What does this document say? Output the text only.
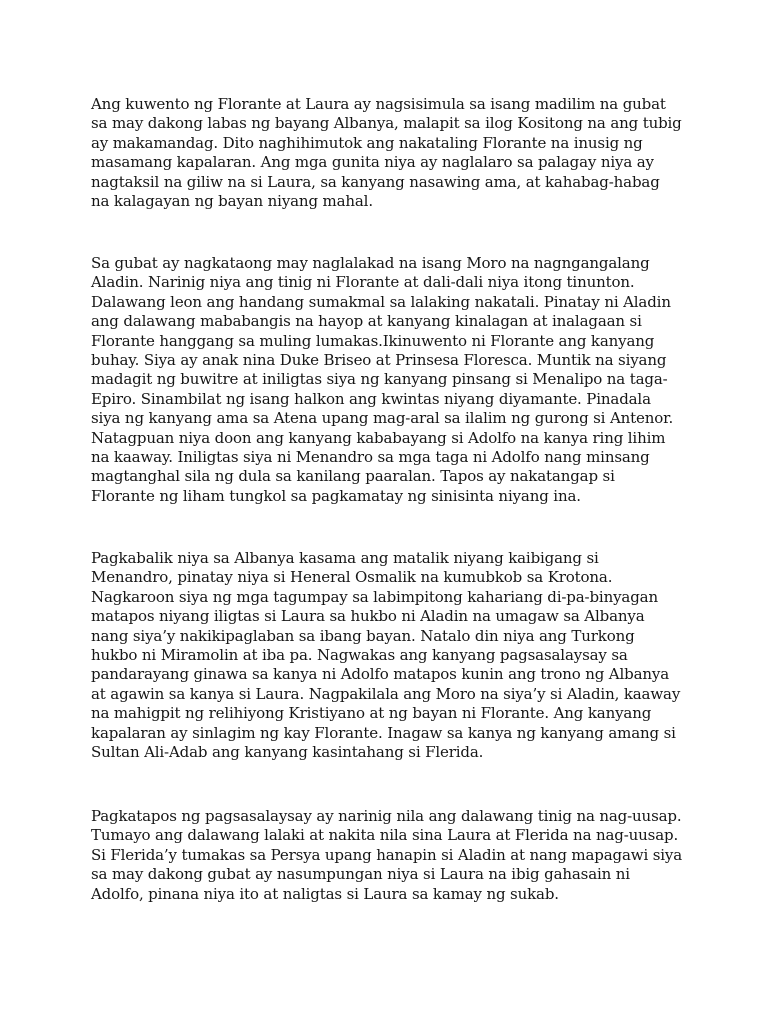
Ang kuwento ng Florante at Laura ay nagsisimula sa isang madilim na gubat
sa may dakong labas ng bayang Albanya, malapit sa ilog Kositong na ang tubig
ay makamandag. Dito naghihimutok ang nakataling Florante na inusig ng
masamang kapalaran. Ang mga gunita niya ay naglalaro sa palagay niya ay
nagtaksil na giliw na si Laura, sa kanyang nasawing ama, at kahabag-habag
na kalagayan ng bayan niyang mahal.
Sa gubat ay nagkataong may naglalakad na isang Moro na nagngangalang
Aladin. Narinig niya ang tinig ni Florante at dali-dali niya itong tinunton.
Dalawang leon ang handang sumakmal sa lalaking nakatali. Pinatay ni Aladin
ang dalawang mababangis na hayop at kanyang kinalagan at inalagaan si
Florante hanggang sa muling lumakas.Ikinuwento ni Florante ang kanyang
buhay. Siya ay anak nina Duke Briseo at Prinsesa Floresca. Muntik na siyang
madagit ng buwitre at iniligtas siya ng kanyang pinsang si Menalipo na taga-
Epiro. Sinambilat ng isang halkon ang kwintas niyang diyamante. Pinadala
siya ng kanyang ama sa Atena upang mag-aral sa ilalim ng gurong si Antenor.
Natagpuan niya doon ang kanyang kababayang si Adolfo na kanya ring lihim
na kaaway. Iniligtas siya ni Menandro sa mga taga ni Adolfo nang minsang
magtanghal sila ng dula sa kanilang paaralan. Tapos ay nakatangap si
Florante ng liham tungkol sa pagkamatay ng sinisinta niyang ina.
Pagkabalik niya sa Albanya kasama ang matalik niyang kaibigang si
Menandro, pinatay niya si Heneral Osmalik na kumubkob sa Krotona.
Nagkaroon siya ng mga tagumpay sa labimpitong kahariang di-pa-binyagan
matapos niyang iligtas si Laura sa hukbo ni Aladin na umagaw sa Albanya
nang siya’y nakikipaglaban sa ibang bayan. Natalo din niya ang Turkong
hukbo ni Miramolin at iba pa. Nagwakas ang kanyang pagsasalaysay sa
pandarayang ginawa sa kanya ni Adolfo matapos kunin ang trono ng Albanya
at agawin sa kanya si Laura. Nagpakilala ang Moro na siya’y si Aladin, kaaway
na mahigpit ng relihiyong Kristiyano at ng bayan ni Florante. Ang kanyang
kapalaran ay sinlagim ng kay Florante. Inagaw sa kanya ng kanyang amang si
Sultan Ali-Adab ang kanyang kasintahang si Flerida.
Pagkatapos ng pagsasalaysay ay narinig nila ang dalawang tinig na nag-uusap.
Tumayo ang dalawang lalaki at nakita nila sina Laura at Flerida na nag-uusap.
Si Flerida’y tumakas sa Persya upang hanapin si Aladin at nang mapagawi siya
sa may dakong gubat ay nasumpungan niya si Laura na ibig gahasain ni
Adolfo, pinana niya ito at naligtas si Laura sa kamay ng sukab.
